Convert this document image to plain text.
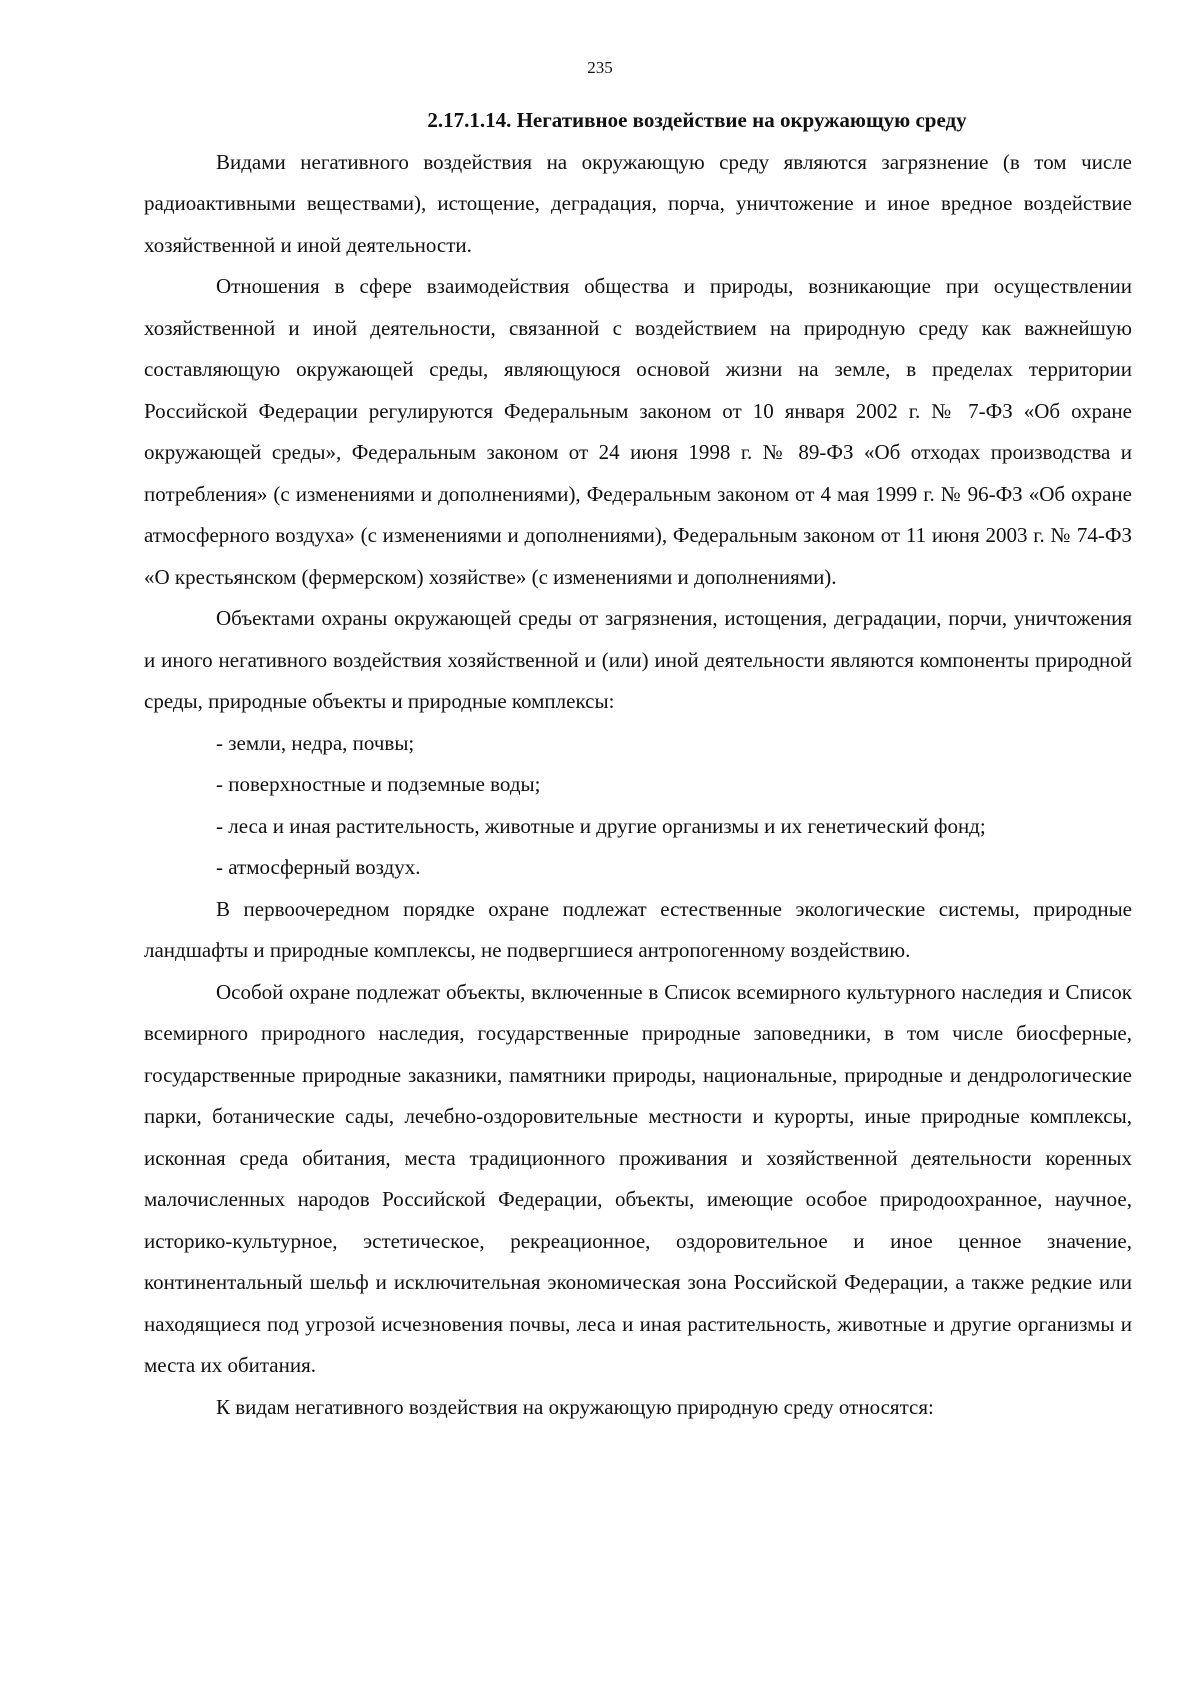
235
2.17.1.14. Негативное воздействие на окружающую среду

Видами негативного воздействия на окружающую среду являются загрязнение (в том числе радиоактивными веществами), истощение, деградация, порча, уничтожение и иное вредное воздействие хозяйственной и иной деятельности.

Отношения в сфере взаимодействия общества и природы, возникающие при осуществлении хозяйственной и иной деятельности, связанной с воздействием на природную среду как важнейшую составляющую окружающей среды, являющуюся основой жизни на земле, в пределах территории Российской Федерации регулируются Федеральным законом от 10 января 2002 г. № 7-ФЗ «Об охране окружающей среды», Федеральным законом от 24 июня 1998 г. № 89-ФЗ «Об отходах производства и потребления» (с изменениями и дополнениями), Федеральным законом от 4 мая 1999 г. № 96-ФЗ «Об охране атмосферного воздуха» (с изменениями и дополнениями), Федеральным законом от 11 июня 2003 г. № 74-ФЗ «О крестьянском (фермерском) хозяйстве» (с изменениями и дополнениями).

Объектами охраны окружающей среды от загрязнения, истощения, деградации, порчи, уничтожения и иного негативного воздействия хозяйственной и (или) иной деятельности являются компоненты природной среды, природные объекты и природные комплексы:

- земли, недра, почвы;
- поверхностные и подземные воды;
- леса и иная растительность, животные и другие организмы и их генетический фонд;
- атмосферный воздух.

В первоочередном порядке охране подлежат естественные экологические системы, природные ландшафты и природные комплексы, не подвергшиеся антропогенному воздействию.

Особой охране подлежат объекты, включенные в Список всемирного культурного наследия и Список всемирного природного наследия, государственные природные заповедники, в том числе биосферные, государственные природные заказники, памятники природы, национальные, природные и дендрологические парки, ботанические сады, лечебно-оздоровительные местности и курорты, иные природные комплексы, исконная среда обитания, места традиционного проживания и хозяйственной деятельности коренных малочисленных народов Российской Федерации, объекты, имеющие особое природоохранное, научное, историко-культурное, эстетическое, рекреационное, оздоровительное и иное ценное значение, континентальный шельф и исключительная экономическая зона Российской Федерации, а также редкие или находящиеся под угрозой исчезновения почвы, леса и иная растительность, животные и другие организмы и места их обитания.

К видам негативного воздействия на окружающую природную среду относятся:
